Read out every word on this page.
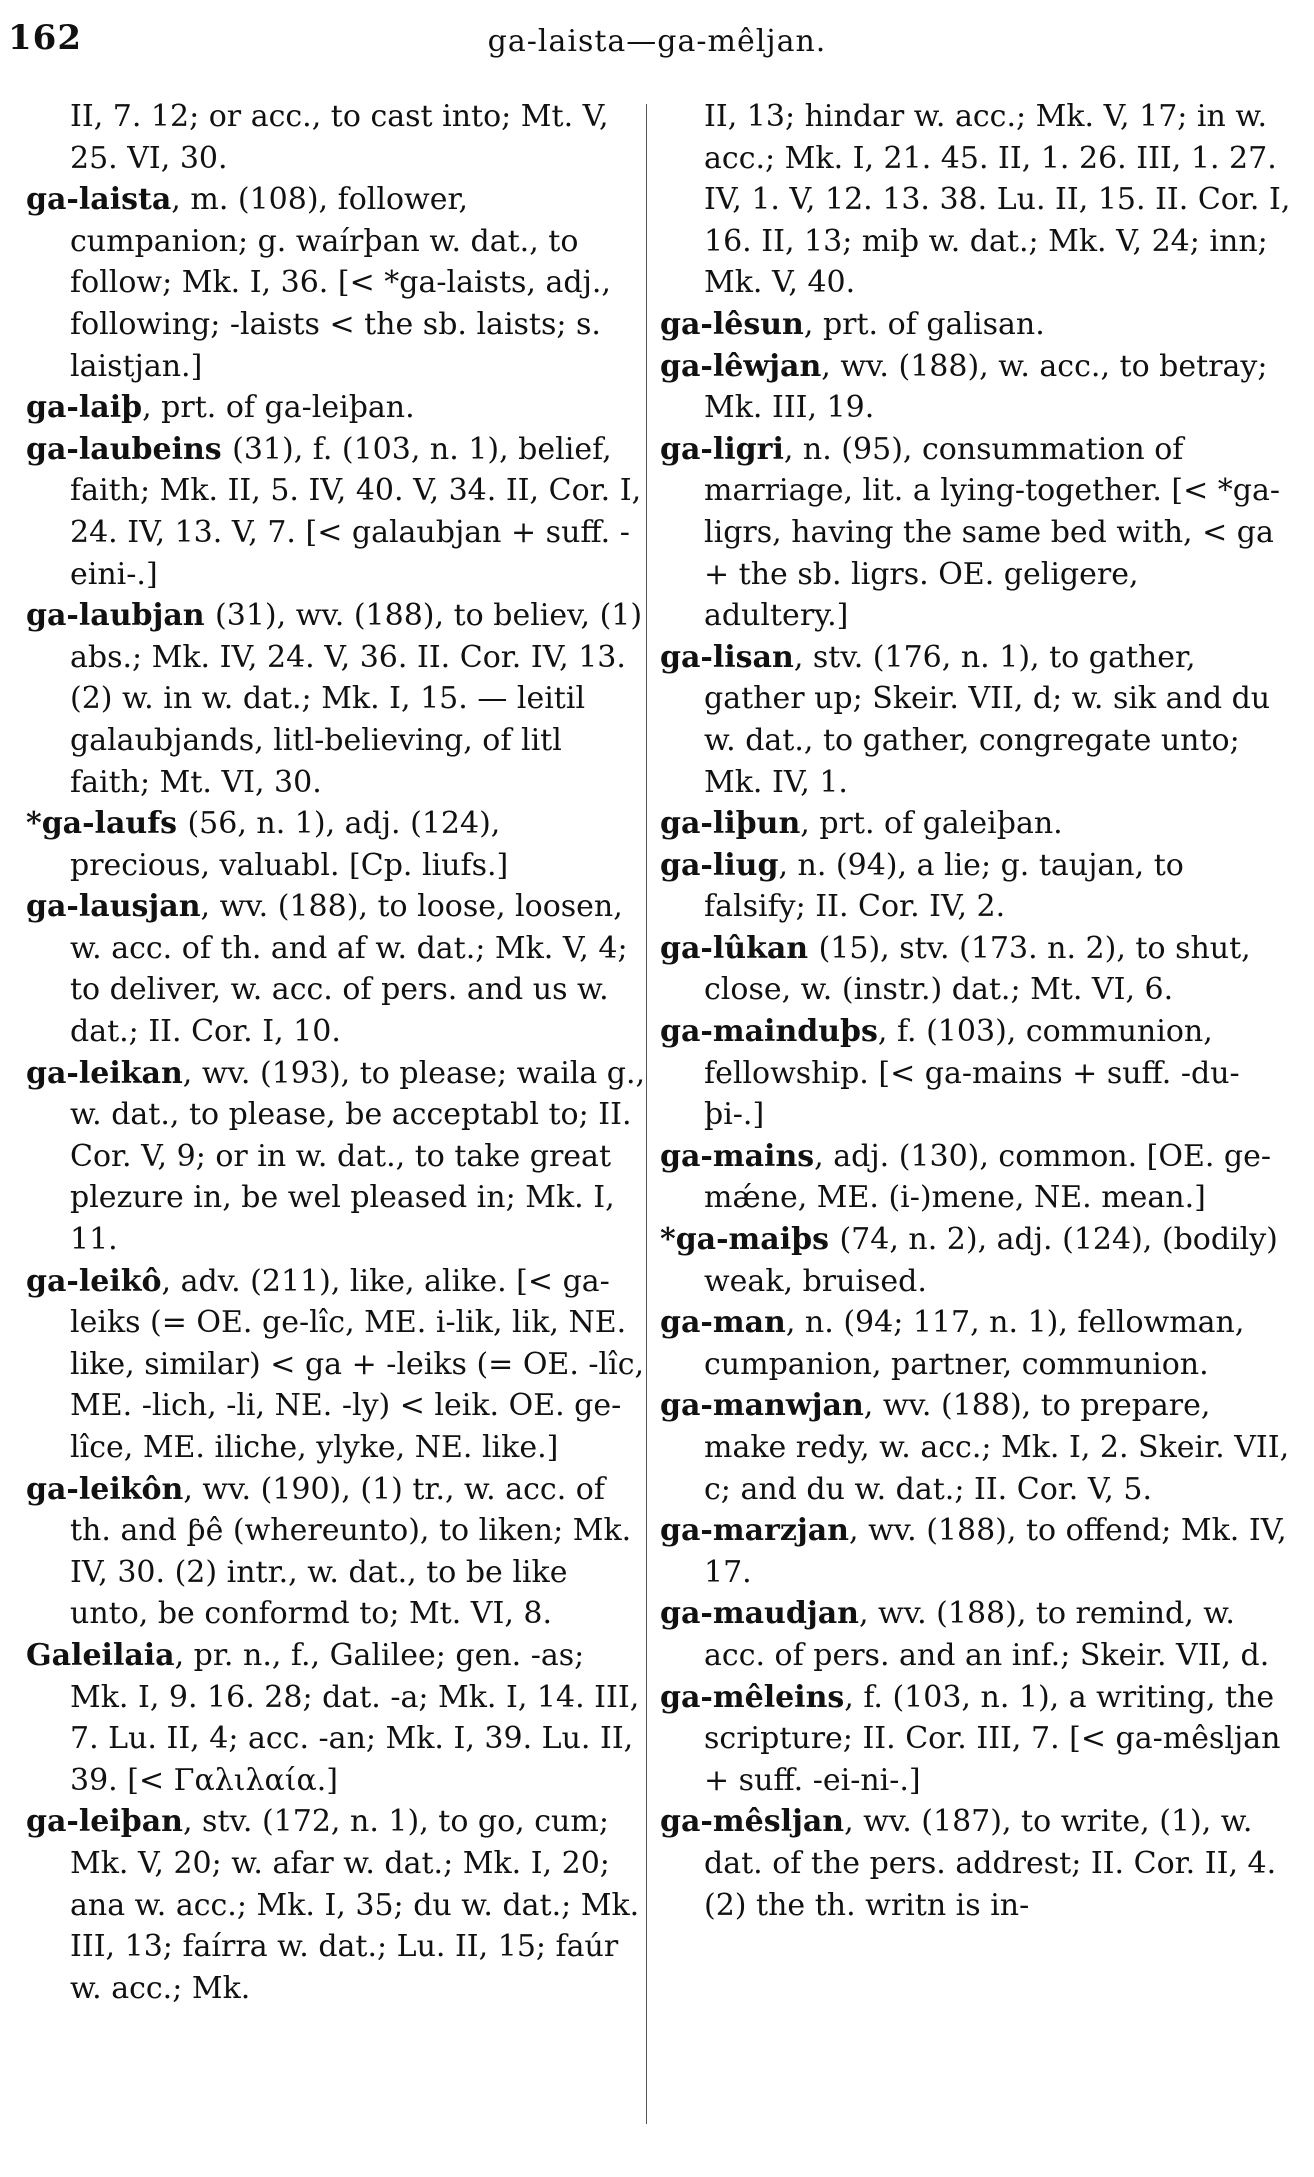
162	ga-laista—ga-mêljan.
II, 7. 12; or acc., to cast into; Mt. V, 25. VI, 30.
ga-laista, m. (108), follower, cumpanion; g. waírþan w. dat., to follow; Mk. I, 36. [< *ga-laists, adj., following; -laists < the sb. laists; s. laistjan.]
ga-laiþ, prt. of ga-leiþan.
ga-laubeins (31), f. (103, n. 1), belief, faith; Mk. II, 5. IV, 40. V, 34. II, Cor. I, 24. IV, 13. V, 7. [< galaubjan + suff. -eini-.]
ga-laubjan (31), wv. (188), to believ, (1) abs.; Mk. IV, 24. V, 36. II. Cor. IV, 13. (2) w. in w. dat.; Mk. I, 15. — leitil galaubjands, litl-believing, of litl faith; Mt. VI, 30.
*ga-laufs (56, n. 1), adj. (124), precious, valuabl. [Cp. liufs.]
ga-lausjan, wv. (188), to loose, loosen, w. acc. of th. and af w. dat.; Mk. V, 4; to deliver, w. acc. of pers. and us w. dat.; II. Cor. I, 10.
ga-leikan, wv. (193), to please; waila g., w. dat., to please, be acceptabl to; II. Cor. V, 9; or in w. dat., to take great plezure in, be wel pleased in; Mk. I, 11.
ga-leikô, adv. (211), like, alike. [< ga-leiks (= OE. ge-lîc, ME. i-lik, lik, NE. like, similar) < ga + -leiks (= OE. -lîc, ME. -lich, -li, NE. -ly) < leik. OE. ge-lîce, ME. iliche, ylyke, NE. like.]
ga-leikôn, wv. (190), (1) tr., w. acc. of th. and ƥê (whereunto), to liken; Mk. IV, 30. (2) intr., w. dat., to be like unto, be conformd to; Mt. VI, 8.
Galeilaia, pr. n., f., Galilee; gen. -as; Mk. I, 9. 16. 28; dat. -a; Mk. I, 14. III, 7. Lu. II, 4; acc. -an; Mk. I, 39. Lu. II, 39. [< Γαλιλαία.]
ga-leiþan, stv. (172, n. 1), to go, cum; Mk. V, 20; w. afar w. dat.; Mk. I, 20; ana w. acc.; Mk. I, 35; du w. dat.; Mk. III, 13; faírra w. dat.; Lu. II, 15; faúr w. acc.; Mk.
II, 13; hindar w. acc.; Mk. V, 17; in w. acc.; Mk. I, 21. 45. II, 1. 26. III, 1. 27. IV, 1. V, 12. 13. 38. Lu. II, 15. II. Cor. I, 16. II, 13; miþ w. dat.; Mk. V, 24; inn; Mk. V, 40.
ga-lêsun, prt. of galisan.
ga-lêwjan, wv. (188), w. acc., to betray; Mk. III, 19.
ga-ligri, n. (95), consummation of marriage, lit. a lying-together. [< *ga-ligrs, having the same bed with, < ga + the sb. ligrs. OE. geligere, adultery.]
ga-lisan, stv. (176, n. 1), to gather, gather up; Skeir. VII, d; w. sik and du w. dat., to gather, congregate unto; Mk. IV, 1.
ga-liþun, prt. of galeiþan.
ga-liug, n. (94), a lie; g. taujan, to falsify; II. Cor. IV, 2.
ga-lûkan (15), stv. (173. n. 2), to shut, close, w. (instr.) dat.; Mt. VI, 6.
ga-mainduþs, f. (103), communion, fellowship. [< ga-mains + suff. -du-þi-.]
ga-mains, adj. (130), common. [OE. ge-mǽne, ME. (i-)mene, NE. mean.]
*ga-maiþs (74, n. 2), adj. (124), (bodily) weak, bruised.
ga-man, n. (94; 117, n. 1), fellowman, cumpanion, partner, communion.
ga-manwjan, wv. (188), to prepare, make redy, w. acc.; Mk. I, 2. Skeir. VII, c; and du w. dat.; II. Cor. V, 5.
ga-marzjan, wv. (188), to offend; Mk. IV, 17.
ga-maudjan, wv. (188), to remind, w. acc. of pers. and an inf.; Skeir. VII, d.
ga-mêleins, f. (103, n. 1), a writing, the scripture; II. Cor. III, 7. [< ga-mêsljan + suff. -ei-ni-.]
ga-mêsljan, wv. (187), to write, (1), w. dat. of the pers. addrest; II. Cor. II, 4. (2) the th. writn is in-
